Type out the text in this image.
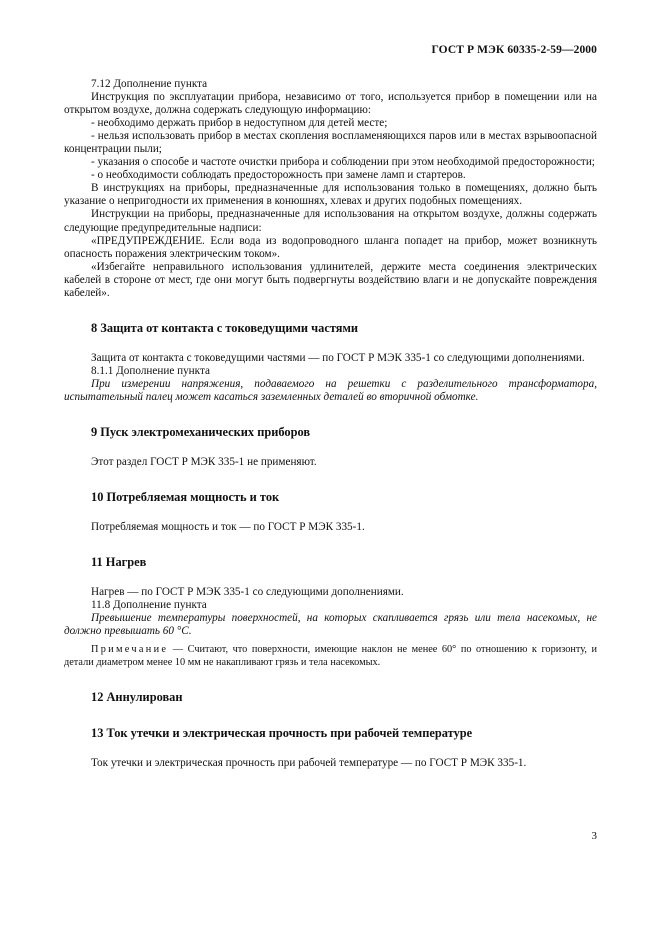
ГОСТ Р МЭК 60335-2-59—2000

7.12 Дополнение пункта

Инструкция по эксплуатации прибора, независимо от того, используется прибор в помещении или на открытом воздухе, должна содержать следующую информацию:

- необходимо держать прибор в недоступном для детей месте;

- нельзя использовать прибор в местах скопления воспламеняющихся паров или в местах взрывоопасной концентрации пыли;

- указания о способе и частоте очистки прибора и соблюдении при этом необходимой предосторожности;

- о необходимости соблюдать предосторожность при замене ламп и стартеров.

В инструкциях на приборы, предназначенные для использования только в помещениях, должно быть указание о непригодности их применения в конюшнях, хлевах и других подобных помещениях.

Инструкции на приборы, предназначенные для использования на открытом воздухе, должны содержать следующие предупредительные надписи:

«ПРЕДУПРЕЖДЕНИЕ. Если вода из водопроводного шланга попадет на прибор, может возникнуть опасность поражения электрическим током».

«Избегайте неправильного использования удлинителей, держите места соединения электрических кабелей в стороне от мест, где они могут быть подвергнуты воздействию влаги и не допускайте повреждения кабелей».

8 Защита от контакта с токоведущими частями

Защита от контакта с токоведущими частями — по ГОСТ Р МЭК 335-1 со следующими дополнениями.

8.1.1 Дополнение пункта

При измерении напряжения, подаваемого на решетки с разделительного трансформатора, испытательный палец может касаться заземленных деталей во вторичной обмотке.

9 Пуск электромеханических приборов

Этот раздел ГОСТ Р МЭК 335-1 не применяют.

10 Потребляемая мощность и ток

Потребляемая мощность и ток — по ГОСТ Р МЭК 335-1.

11 Нагрев

Нагрев — по ГОСТ Р МЭК 335-1 со следующими дополнениями.

11.8 Дополнение пункта

Превышение температуры поверхностей, на которых скапливается грязь или тела насекомых, не должно превышать 60 °С.

Примечание — Считают, что поверхности, имеющие наклон не менее 60° по отношению к горизонту, и детали диаметром менее 10 мм не накапливают грязь и тела насекомых.

12 Аннулирован
13 Ток утечки и электрическая прочность при рабочей температуре

Ток утечки и электрическая прочность при рабочей температуре — по ГОСТ Р МЭК 335-1.

3
